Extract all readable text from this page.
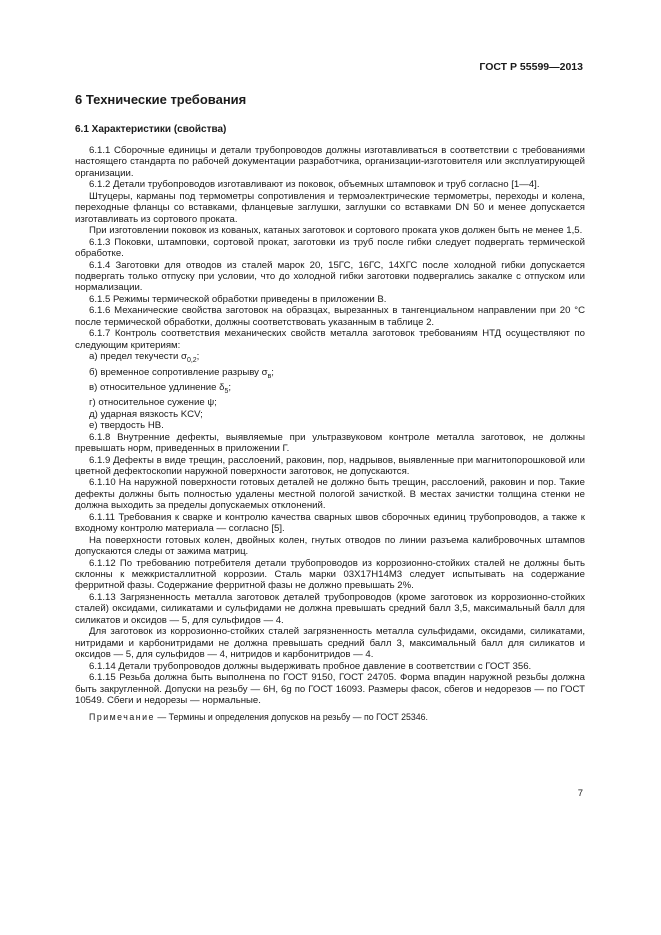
ГОСТ Р 55599—2013
6 Технические требования
6.1 Характеристики (свойства)

6.1.1 Сборочные единицы и детали трубопроводов должны изготавливаться в соответствии с требованиями настоящего стандарта по рабочей документации разработчика, организации-изготовителя или эксплуатирующей организации.

6.1.2 Детали трубопроводов изготавливают из поковок, объемных штамповок и труб согласно [1—4].

Штуцеры, карманы под термометры сопротивления и термоэлектрические термометры, переходы и колена, переходные фланцы со вставками, фланцевые заглушки, заглушки со вставками DN 50 и менее допускается изготавливать из сортового проката.

При изготовлении поковок из кованых, катаных заготовок и сортового проката уков должен быть не менее 1,5.

6.1.3 Поковки, штамповки, сортовой прокат, заготовки из труб после гибки следует подвергать термической обработке.

6.1.4 Заготовки для отводов из сталей марок 20, 15ГС, 16ГС, 14ХГС после холодной гибки допускается подвергать только отпуску при условии, что до холодной гибки заготовки подвергались закалке с отпуском или нормализации.

6.1.5 Режимы термической обработки приведены в приложении В.

6.1.6 Механические свойства заготовок на образцах, вырезанных в тангенциальном направлении при 20 °С после термической обработки, должны соответствовать указанным в таблице 2.

6.1.7 Контроль соответствия механических свойств металла заготовок требованиям НТД осуществляют по следующим критериям:

а) предел текучести $\sigma_{0,2}$;
б) временное сопротивление разрыву $\sigma_в$;
в) относительное удлинение $\delta_5$;
г) относительное сужение ψ;
д) ударная вязкость KCV;
е) твердость HB.

6.1.8 Внутренние дефекты, выявляемые при ультразвуковом контроле металла заготовок, не должны превышать норм, приведенных в приложении Г.

6.1.9 Дефекты в виде трещин, расслоений, раковин, пор, надрывов, выявленные при магнитопорошковой или цветной дефектоскопии наружной поверхности заготовок, не допускаются.

6.1.10 На наружной поверхности готовых деталей не должно быть трещин, расслоений, раковин и пор. Такие дефекты должны быть полностью удалены местной пологой зачисткой. В местах зачистки толщина стенки не должна выходить за пределы допускаемых отклонений.

6.1.11 Требования к сварке и контролю качества сварных швов сборочных единиц трубопроводов, а также к входному контролю материала — согласно [5].

На поверхности готовых колен, двойных колен, гнутых отводов по линии разъема калибровочных штампов допускаются следы от зажима матриц.

6.1.12 По требованию потребителя детали трубопроводов из коррозионно-стойких сталей не должны быть склонны к межкристаллитной коррозии. Сталь марки 03Х17Н14М3 следует испытывать на содержание ферритной фазы. Содержание ферритной фазы не должно превышать 2%.

6.1.13 Загрязненность металла заготовок деталей трубопроводов (кроме заготовок из коррозионно-стойких сталей) оксидами, силикатами и сульфидами не должна превышать средний балл 3,5, максимальный балл для силикатов и оксидов — 5, для сульфидов — 4.

Для заготовок из коррозионно-стойких сталей загрязненность металла сульфидами, оксидами, силикатами, нитридами и карбонитридами не должна превышать средний балл 3, максимальный балл для силикатов и оксидов — 5, для сульфидов — 4, нитридов и карбонитридов — 4.

6.1.14 Детали трубопроводов должны выдерживать пробное давление в соответствии с ГОСТ 356.

6.1.15 Резьба должна быть выполнена по ГОСТ 9150, ГОСТ 24705. Форма впадин наружной резьбы должна быть закругленной. Допуски на резьбу — 6H, 6g по ГОСТ 16093. Размеры фасок, сбегов и недорезов — по ГОСТ 10549. Сбеги и недорезы — нормальные.

Примечание — Термины и определения допусков на резьбу — по ГОСТ 25346.
7
